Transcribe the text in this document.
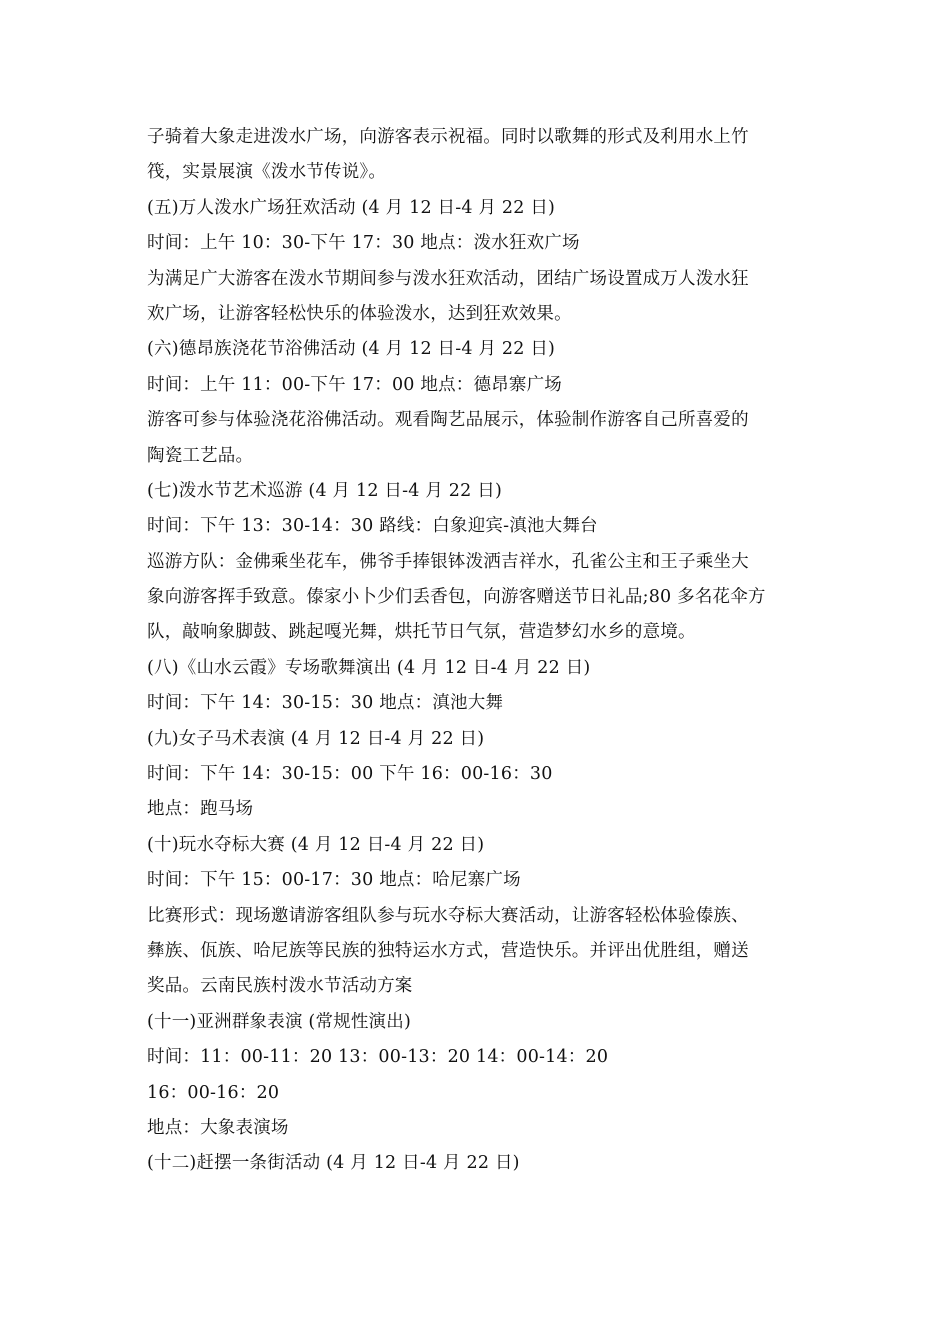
子骑着大象走进泼水广场，向游客表示祝福。同时以歌舞的形式及利用水上竹
筏，实景展演《泼水节传说》。
(五)万人泼水广场狂欢活动 (4 月 12 日-4 月 22 日)
时间：上午 10：30-下午 17：30 地点：泼水狂欢广场
为满足广大游客在泼水节期间参与泼水狂欢活动，团结广场设置成万人泼水狂
欢广场，让游客轻松快乐的体验泼水，达到狂欢效果。
(六)德昂族浇花节浴佛活动 (4 月 12 日-4 月 22 日)
时间：上午 11：00-下午 17：00 地点：德昂寨广场
游客可参与体验浇花浴佛活动。观看陶艺品展示，体验制作游客自己所喜爱的
陶瓷工艺品。
(七)泼水节艺术巡游 (4 月 12 日-4 月 22 日)
时间：下午 13：30-14：30 路线：白象迎宾-滇池大舞台
巡游方队：金佛乘坐花车，佛爷手捧银钵泼洒吉祥水，孔雀公主和王子乘坐大
象向游客挥手致意。傣家小卜少们丢香包，向游客赠送节日礼品;80 多名花伞方
队，敲响象脚鼓、跳起嘎光舞，烘托节日气氛，营造梦幻水乡的意境。
(八)《山水云霞》专场歌舞演出 (4 月 12 日-4 月 22 日)
时间：下午 14：30-15：30 地点：滇池大舞
(九)女子马术表演 (4 月 12 日-4 月 22 日)
时间：下午 14：30-15：00 下午 16：00-16：30
地点：跑马场
(十)玩水夺标大赛 (4 月 12 日-4 月 22 日)
时间：下午 15：00-17：30 地点：哈尼寨广场
比赛形式：现场邀请游客组队参与玩水夺标大赛活动，让游客轻松体验傣族、
彝族、佤族、哈尼族等民族的独特运水方式，营造快乐。并评出优胜组，赠送
奖品。云南民族村泼水节活动方案
(十一)亚洲群象表演 (常规性演出)
时间：11：00-11：20 13：00-13：20 14：00-14：20
16：00-16：20
地点：大象表演场
(十二)赶摆一条街活动 (4 月 12 日-4 月 22 日)
